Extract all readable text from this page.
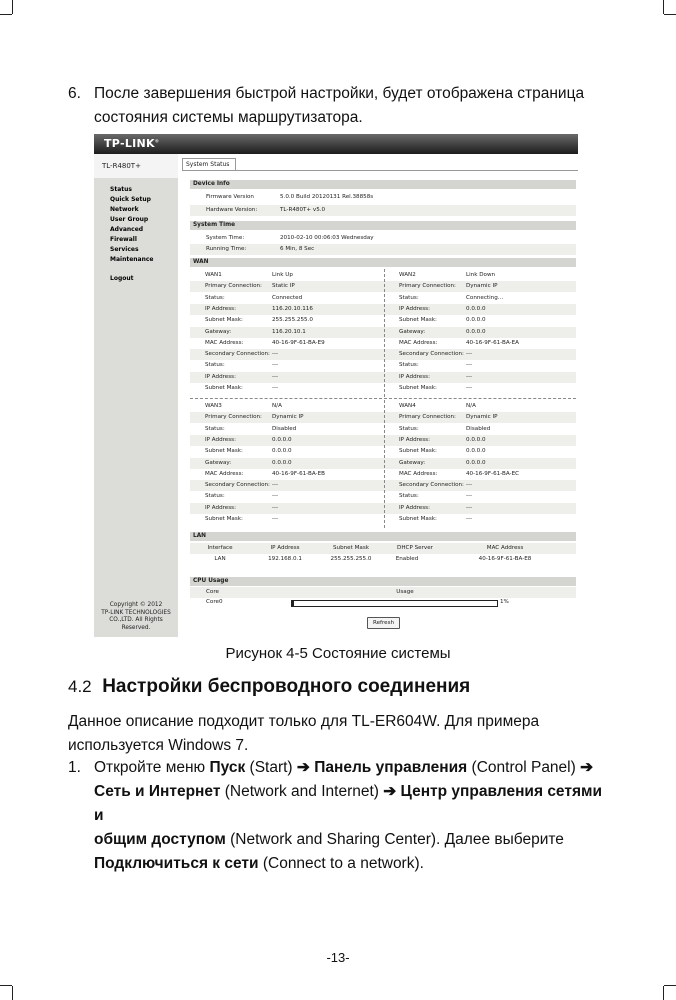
6. После завершения быстрой настройки, будет отображена страница
состояния системы маршрутизатора.
TP-LINK®
TL-R480T+
Status
Quick Setup
Network
User Group
Advanced
Firewall
Services
Maintenance
Logout
Copyright © 2012
TP-LINK TECHNOLOGIES
CO.,LTD. All Rights
Reserved.
System Status
Device Info
Firmware Version	5.0.0 Build 20120131 Rel.38858s
Hardware Version:	TL-R480T+ v5.0
System Time
System Time:	2010-02-10 00:06:03 Wednesday
Running Time:	6 Min, 8 Sec
WAN
WAN1	Link Up
Primary Connection: Static IP
Status:	Connected
IP Address:	116.20.10.116
Subnet Mask:	255.255.255.0
Gateway:	116.20.10.1
MAC Address:	40-16-9F-61-BA-E9
Secondary Connection: ---
Status:	---
IP Address:	---
Subnet Mask:	---
WAN2	Link Down
Primary Connection: Dynamic IP
Status:	Connecting...
IP Address:	0.0.0.0
Subnet Mask:	0.0.0.0
Gateway:	0.0.0.0
MAC Address:	40-16-9F-61-BA-EA
Secondary Connection: ---
Status:	---
IP Address:	---
Subnet Mask:	---
WAN3	N/A
Primary Connection: Dynamic IP
Status:	Disabled
IP Address:	0.0.0.0
Subnet Mask:	0.0.0.0
Gateway:	0.0.0.0
MAC Address:	40-16-9F-61-BA-EB
Secondary Connection: ---
Status:	---
IP Address:	---
Subnet Mask:	---
WAN4	N/A
Primary Connection: Dynamic IP
Status:	Disabled
IP Address:	0.0.0.0
Subnet Mask:	0.0.0.0
Gateway:	0.0.0.0
MAC Address:	40-16-9F-61-BA-EC
Secondary Connection: ---
Status:	---
IP Address:	---
Subnet Mask:	---
LAN
Interface	IP Address	Subnet Mask	DHCP Server	MAC Address
LAN	192.168.0.1	255.255.255.0	Enabled	40-16-9F-61-BA-E8
CPU Usage
Core	Usage
Core0	1%
Refresh
Рисунок 4-5 Состояние системы
4.2 Настройки беспроводного соединения
Данное описание подходит только для TL-ER604W. Для примера
используется Windows 7.
1. Откройте меню Пуск (Start) ➔ Панель управления (Control Panel) ➔
Сеть и Интернет (Network and Internet) ➔ Центр управления сетями и
общим доступом (Network and Sharing Center). Далее выберите
Подключиться к сети (Connect to a network).
-13-
